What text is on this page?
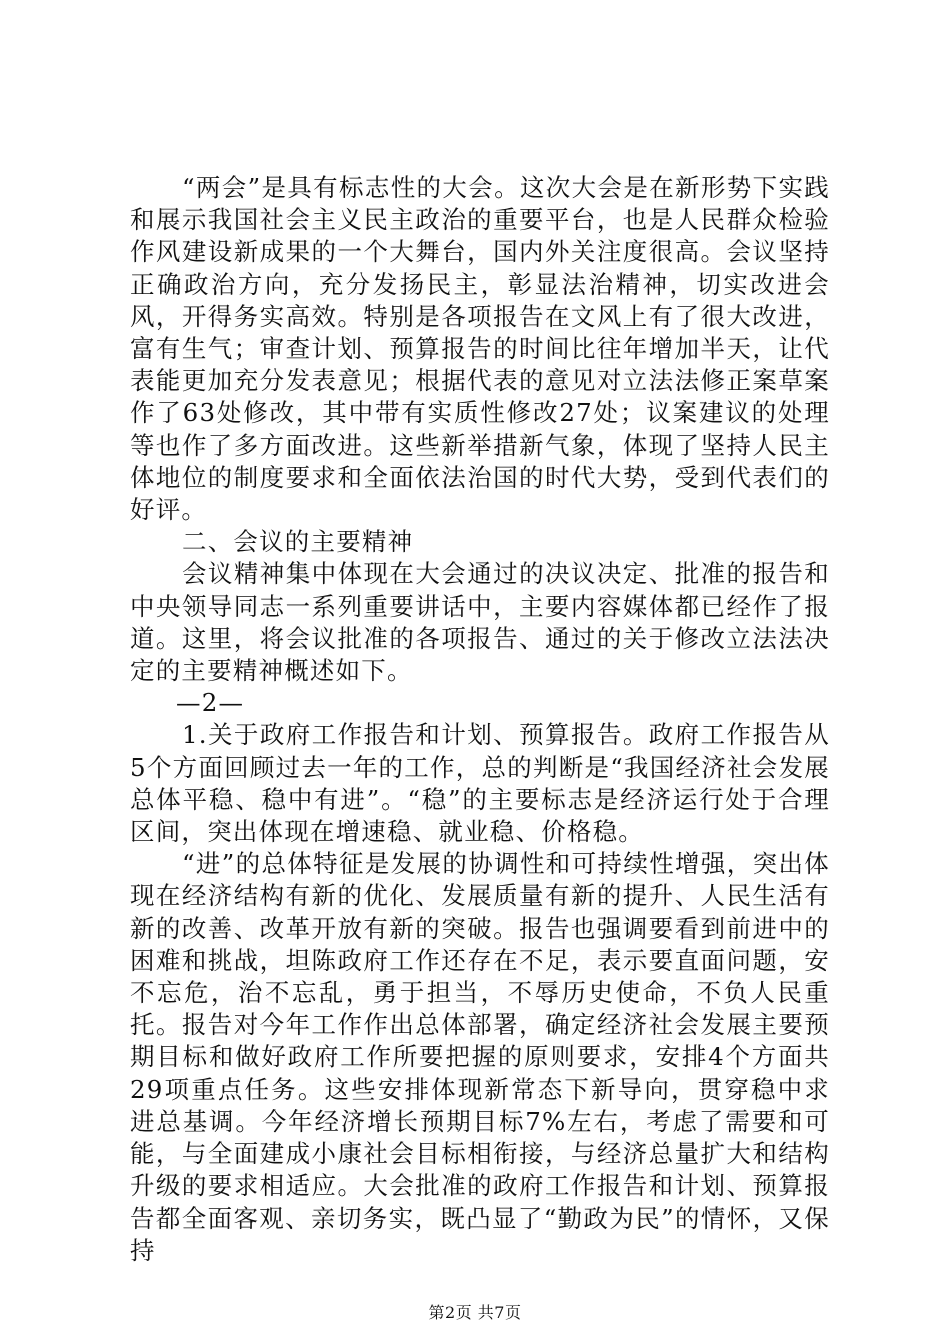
“两会”是具有标志性的大会。这次大会是在新形势下实践和展示我国社会主义民主政治的重要平台，也是人民群众检验作风建设新成果的一个大舞台，国内外关注度很高。会议坚持正确政治方向，充分发扬民主，彰显法治精神，切实改进会风，开得务实高效。特别是各项报告在文风上有了很大改进，富有生气；审查计划、预算报告的时间比往年增加半天，让代表能更加充分发表意见；根据代表的意见对立法法修正案草案作了63处修改，其中带有实质性修改27处；议案建议的处理等也作了多方面改进。这些新举措新气象，体现了坚持人民主体地位的制度要求和全面依法治国的时代大势，受到代表们的好评。

二、会议的主要精神

会议精神集中体现在大会通过的决议决定、批准的报告和中央领导同志一系列重要讲话中，主要内容媒体都已经作了报道。这里，将会议批准的各项报告、通过的关于修改立法法决定的主要精神概述如下。

—2—

1.关于政府工作报告和计划、预算报告。政府工作报告从5个方面回顾过去一年的工作，总的判断是“我国经济社会发展总体平稳、稳中有进”。“稳”的主要标志是经济运行处于合理区间，突出体现在增速稳、就业稳、价格稳。

“进”的总体特征是发展的协调性和可持续性增强，突出体现在经济结构有新的优化、发展质量有新的提升、人民生活有新的改善、改革开放有新的突破。报告也强调要看到前进中的困难和挑战，坦陈政府工作还存在不足，表示要直面问题，安不忘危，治不忘乱，勇于担当，不辱历史使命，不负人民重托。报告对今年工作作出总体部署，确定经济社会发展主要预期目标和做好政府工作所要把握的原则要求，安排4个方面共29项重点任务。这些安排体现新常态下新导向，贯穿稳中求进总基调。今年经济增长预期目标7%左右，考虑了需要和可能，与全面建成小康社会目标相衔接，与经济总量扩大和结构升级的要求相适应。大会批准的政府工作报告和计划、预算报告都全面客观、亲切务实，既凸显了“勤政为民”的情怀，又保持

第2页 共7页
